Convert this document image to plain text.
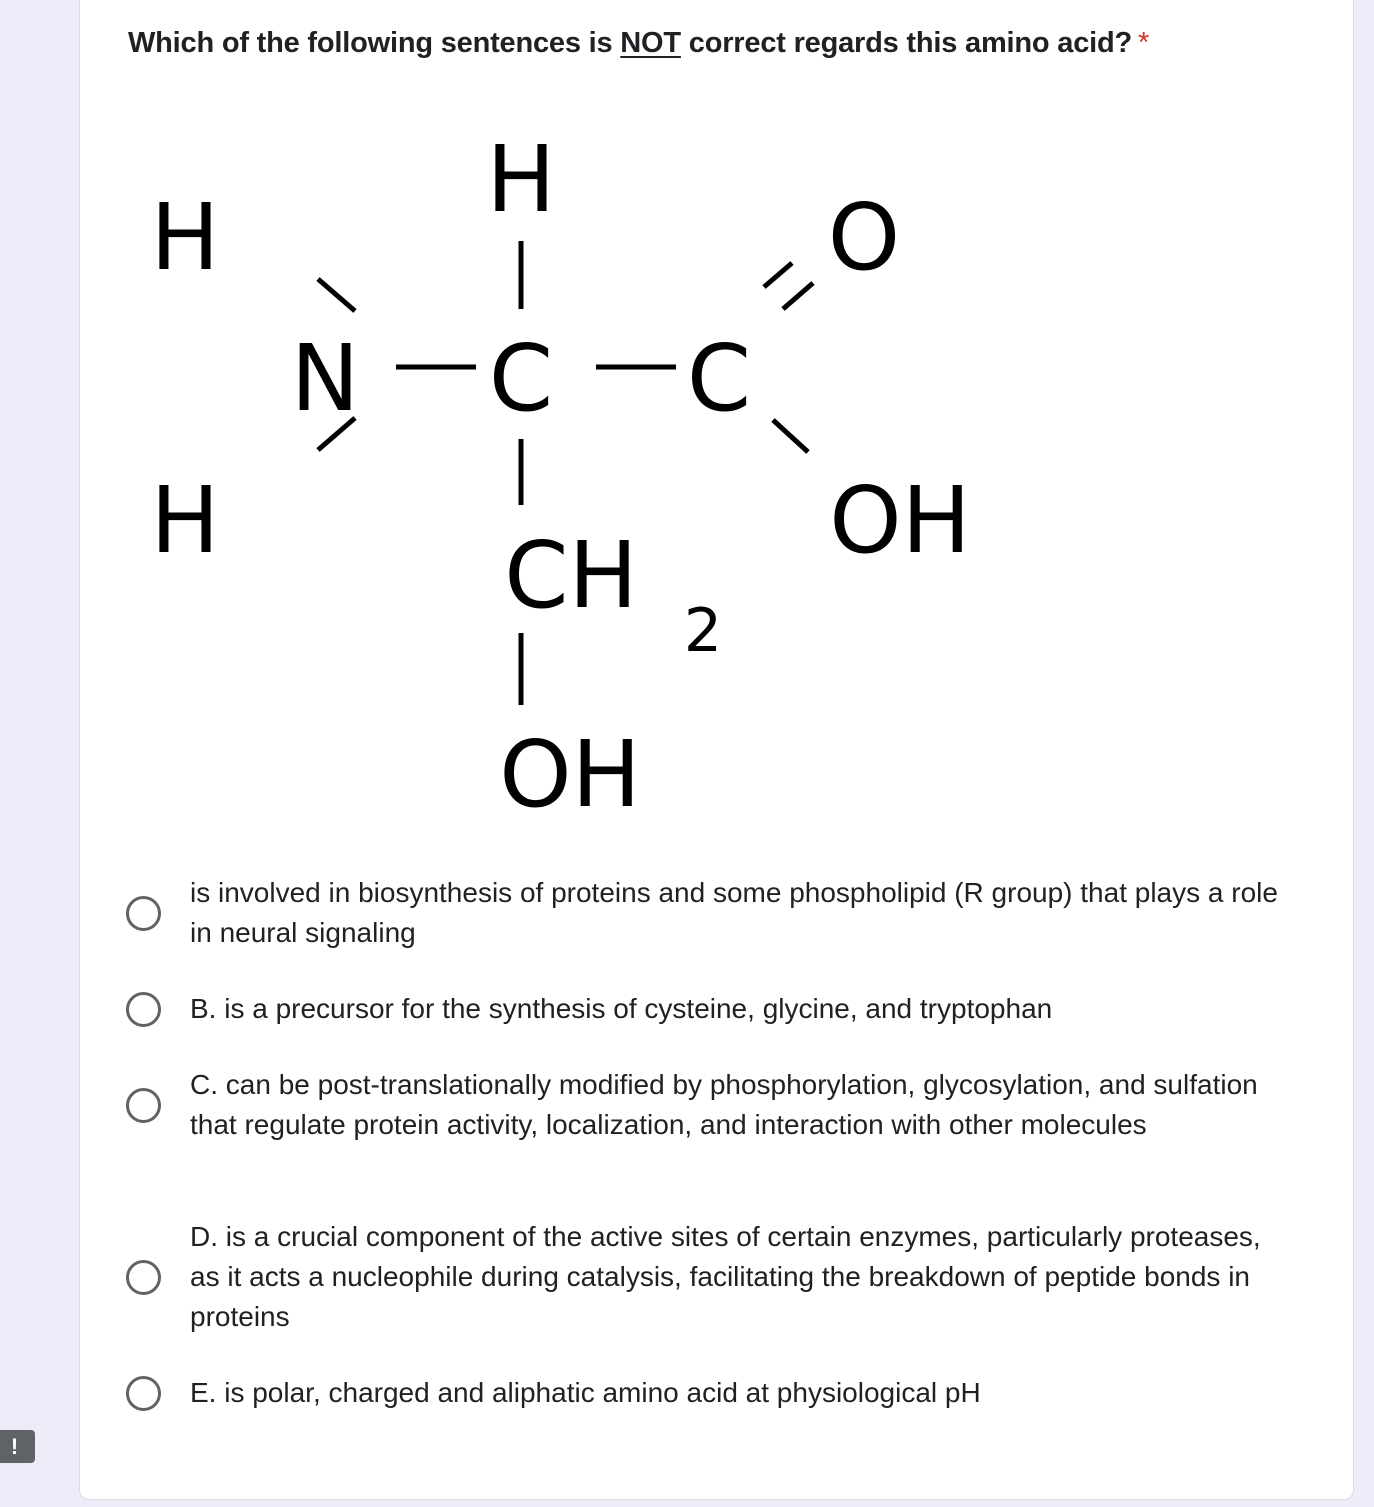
!
Which of the following sentences is NOT correct regards this amino acid? *
H
H
N
H
C C
O
OH
CH
2
OH
is involved in biosynthesis of proteins and some phospholipid (R group) that plays a role in neural signaling
B. is a precursor for the synthesis of cysteine, glycine, and tryptophan
C. can be post-translationally modified by phosphorylation, glycosylation, and sulfation that regulate protein activity, localization, and interaction with other molecules
D. is a crucial component of the active sites of certain enzymes, particularly proteases, as it acts a nucleophile during catalysis, facilitating the breakdown of peptide bonds in proteins
E. is polar, charged and aliphatic amino acid at physiological pH
